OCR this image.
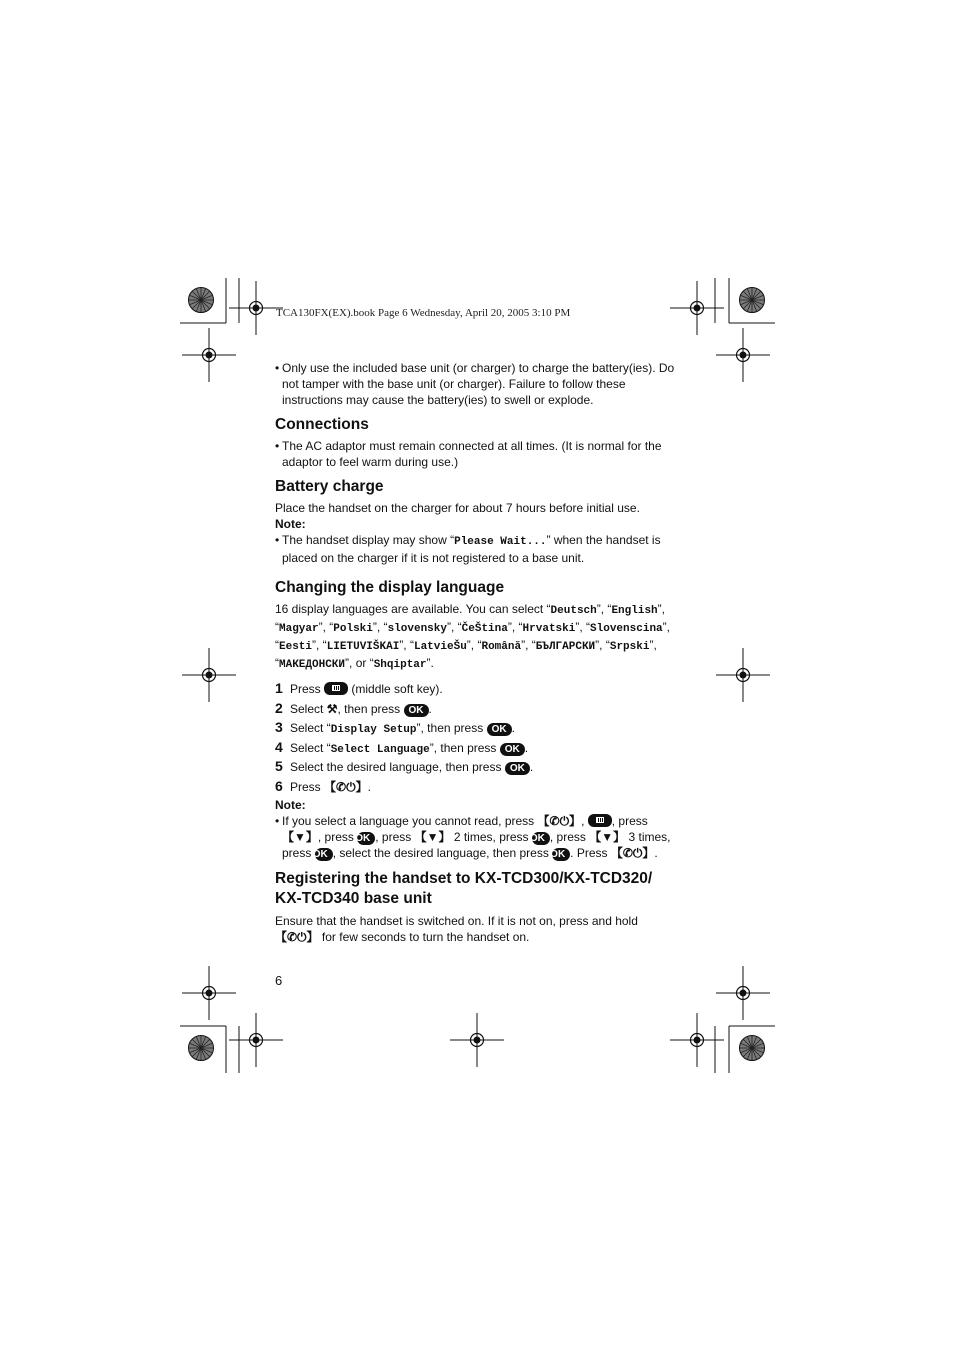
TCA130FX(EX).book Page 6 Wednesday, April 20, 2005 3:10 PM

• Only use the included base unit (or charger) to charge the battery(ies). Do not tamper with the base unit (or charger). Failure to follow these instructions may cause the battery(ies) to swell or explode.

Connections

• The AC adaptor must remain connected at all times. (It is normal for the adaptor to feel warm during use.)

Battery charge

Place the handset on the charger for about 7 hours before initial use.

Note:

• The handset display may show “Please Wait...” when the handset is placed on the charger if it is not registered to a base unit.

Changing the display language

16 display languages are available. You can select “Deutsch”, “English”, “Magyar”, “Polski”, “slovensky”, “ČeŠtina”, “Hrvatski”, “Slovenscina”, “Eesti”, “LIETUVIŠKAI”, “LatvieŠu”, “Română”, “БЪЛГАРСКИ”, “Srpski”, “МАКЕДОНСКИ”, or “Shqiptar”.

1 Press	(middle soft key).

2 Select ⚒, then press OK .

3 Select “Display Setup”, then press OK .

4 Select “Select Language”, then press OK .

5 Select the desired language, then press OK .

6 Press 【✆⏻】.

Note:

• If you select a language you cannot read, press 【✆⏻】, , press 【▼】, press OK , press 【▼】 2 times, press OK , press 【▼】 3 times, press OK , select the desired language, then press OK . Press 【✆⏻】.

Registering the handset to KX-TCD300/KX-TCD320/
KX-TCD340 base unit

Ensure that the handset is switched on. If it is not on, press and hold 【✆⏻】 for few seconds to turn the handset on.

6
